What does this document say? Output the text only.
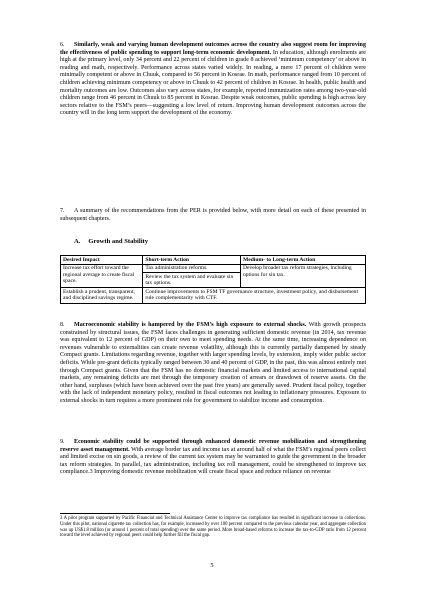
6. Similarly, weak and varying human development outcomes across the country also suggest room for improving the effectiveness of public spending to support long-term economic development. In education, although enrolments are high at the primary level, only 34 percent and 22 percent of children in grade 8 achieved ‘minimum competency’ or above in reading and math, respectively. Performance across states varied widely. In reading, a mere 17 percent of children were minimally competent or above in Chuuk, compared to 56 percent in Kosrae. In math, performance ranged from 10 percent of children achieving minimum competency or above in Chuuk to 42 percent of children in Kosrae. In health, public health and mortality outcomes are low. Outcomes also vary across states, for example, reported immunization rates among two-year-old children range from 46 percent in Chuuk to 85 percent in Kosrae. Despite weak outcomes, public spending is high across key sectors relative to the FSM’s peers—suggesting a low level of return. Improving human development outcomes across the country will in the long term support the development of the economy.

7. A summary of the recommendations from the PER is provided below, with more detail on each of these presented in subsequent chapters.

A. Growth and Stability
Desired Impact	Short-term Action	Medium- to Long-term Action
Increase tax effort toward the regional average to create fiscal space.	Tax administration reforms.
Review the tax system and evaluate sin tax options.	Develop broader tax reform strategies, including options for sin tax.
Establish a prudent, transparent, and disciplined savings regime.	Continue improvements to FSM TF governance structure, investment policy, and disbursement rule complementarity with CTF.	

8. Macroeconomic stability is hampered by the FSM’s high exposure to external shocks. With growth prospects constrained by structural issues, the FSM faces challenges in generating sufficient domestic revenue (in 2014, tax revenue was equivalent to 12 percent of GDP) on their own to meet spending needs. At the same time, increasing dependence on revenues vulnerable to externalities can create revenue volatility, although this is currently partially dampened by steady Compact grants. Limitations regarding revenue, together with larger spending levels, by extension, imply wider public sector deficits. While pre-grant deficits typically ranged between 30 and 40 percent of GDP, in the past, this was almost entirely met through Compact grants. Given that the FSM has no domestic financial markets and limited access to international capital markets, any remaining deficits are met through the temporary creation of arrears or drawdown of reserve assets. On the other hand, surpluses (which have been achieved over the past five years) are generally saved. Prudent fiscal policy, together with the lack of independent monetary policy, resulted in fiscal outcomes not leading to inflationary pressures. Exposure to external shocks in turn requires a more prominent role for government to stabilize income and consumption.

9. Economic stability could be supported through enhanced domestic revenue mobilization and strengthening reserve asset management. With average border tax and income tax at around half of what the FSM’s regional peers collect and limited excise on sin goods, a review of the current tax system may be warranted to guide the government in the broader tax reform strategies. In parallel, tax administration, including tax roll management, could be strengthened to improve tax compliance.3 Improving domestic revenue mobilization will create fiscal space and reduce reliance on revenue

3 A pilot program supported by Pacific Financial and Technical Assistance Center to improve tax compliance has resulted in significant increase in collections. Under this pilot, national cigarette tax collection has, for example, increased by over 100 percent compared to the previous calendar year, and aggregate collection was up US$1.8 million (or around 1 percent of total spending) over the same period. More broad-based reforms to increase the tax-to-GDP ratio from 12 percent toward the level achieved by regional peers could help further fill the fiscal gap.

5
